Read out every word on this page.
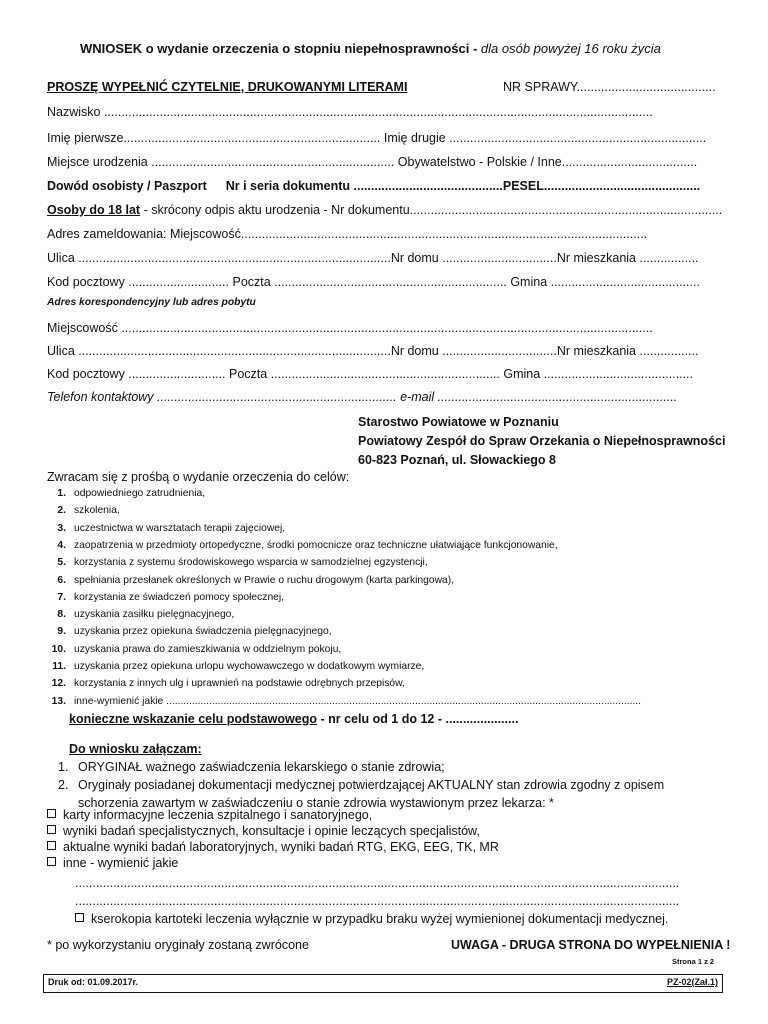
WNIOSEK o wydanie orzeczenia o stopniu niepełnosprawności - dla osób powyżej 16 roku życia
PROSZĘ WYPEŁNIĆ CZYTELNIE, DRUKOWANYMI LITERAMI	NR SPRAWY........................................
Nazwisko ..............................................................................................................................................................
Imię pierwsze.......................................................................... Imię drugie ..........................................................................
Miejsce urodzenia ...................................................................... Obywatelstwo - Polskie / Inne.......................................
Dowód osobisty / Paszport Nr i seria dokumentu ...........................................PESEL.............................................
Osoby do 18 lat - skrócony odpis aktu urodzenia - Nr dokumentu..........................................................................................
Adres zameldowania: Miejscowość.....................................................................................................................
Ulica ..........................................................................................Nr domu .................................Nr mieszkania .................
Kod pocztowy ............................. Poczta ................................................................... Gmina ...........................................
Adres korespondencyjny lub adres pobytu
Miejscowość .........................................................................................................................................................
Ulica ..........................................................................................Nr domu .................................Nr mieszkania .................
Kod pocztowy ............................ Poczta .................................................................. Gmina ...........................................
Telefon kontaktowy ..................................................................... e-mail .....................................................................
Starostwo Powiatowe w Poznaniu
Powiatowy Zespół do Spraw Orzekania o Niepełnosprawności
60-823 Poznań, ul. Słowackiego 8
Zwracam się z prośbą o wydanie orzeczenia do celów:
1. odpowiedniego zatrudnienia,
2. szkolenia,
3. uczestnictwa w warsztatach terapii zajęciowej,
4. zaopatrzenia w przedmioty ortopedyczne, środki pomocnicze oraz techniczne ułatwiające funkcjonowanie,
5. korzystania z systemu środowiskowego wsparcia w samodzielnej egzystencji,
6. spełniania przesłanek określonych w Prawie o ruchu drogowym (karta parkingowa),
7. korzystania ze świadczeń pomocy społecznej,
8. uzyskania zasiłku pielęgnacyjnego,
9. uzyskania przez opiekuna świadczenia pielęgnacyjnego,
10. uzyskania prawa do zamieszkiwania w oddzielnym pokoju,
11. uzyskania przez opiekuna urlopu wychowawczego w dodatkowym wymiarze,
12. korzystania z innych ulg i uprawnień na podstawie odrębnych przepisów,
13. inne-wymienić jakie ......................................................................................................................................................................
konieczne wskazanie celu podstawowego - nr celu od 1 do 12 - .....................
Do wniosku załączam:
1. ORYGINAŁ ważnego zaświadczenia lekarskiego o stanie zdrowia;
2. Oryginały posiadanej dokumentacji medycznej potwierdzającej AKTUALNY stan zdrowia zgodny z opisem
schorzenia zawartym w zaświadczeniu o stanie zdrowia wystawionym przez lekarza: *
karty informacyjne leczenia szpitalnego i sanatoryjnego,
wyniki badań specjalistycznych, konsultacje i opinie leczących specjalistów,
aktualne wyniki badań laboratoryjnych, wyniki badań RTG, EKG, EEG, TK, MR
inne - wymienić jakie
..............................................................................................................................................................................
..............................................................................................................................................................................
kserokopia kartoteki leczenia wyłącznie w przypadku braku wyżej wymienionej dokumentacji medycznej.
* po wykorzystaniu oryginały zostaną zwrócone	UWAGA - DRUGA STRONA DO WYPEŁNIENIA !
Strona 1 z 2
Druk od: 01.09.2017r.	PZ-02(Zał.1)
